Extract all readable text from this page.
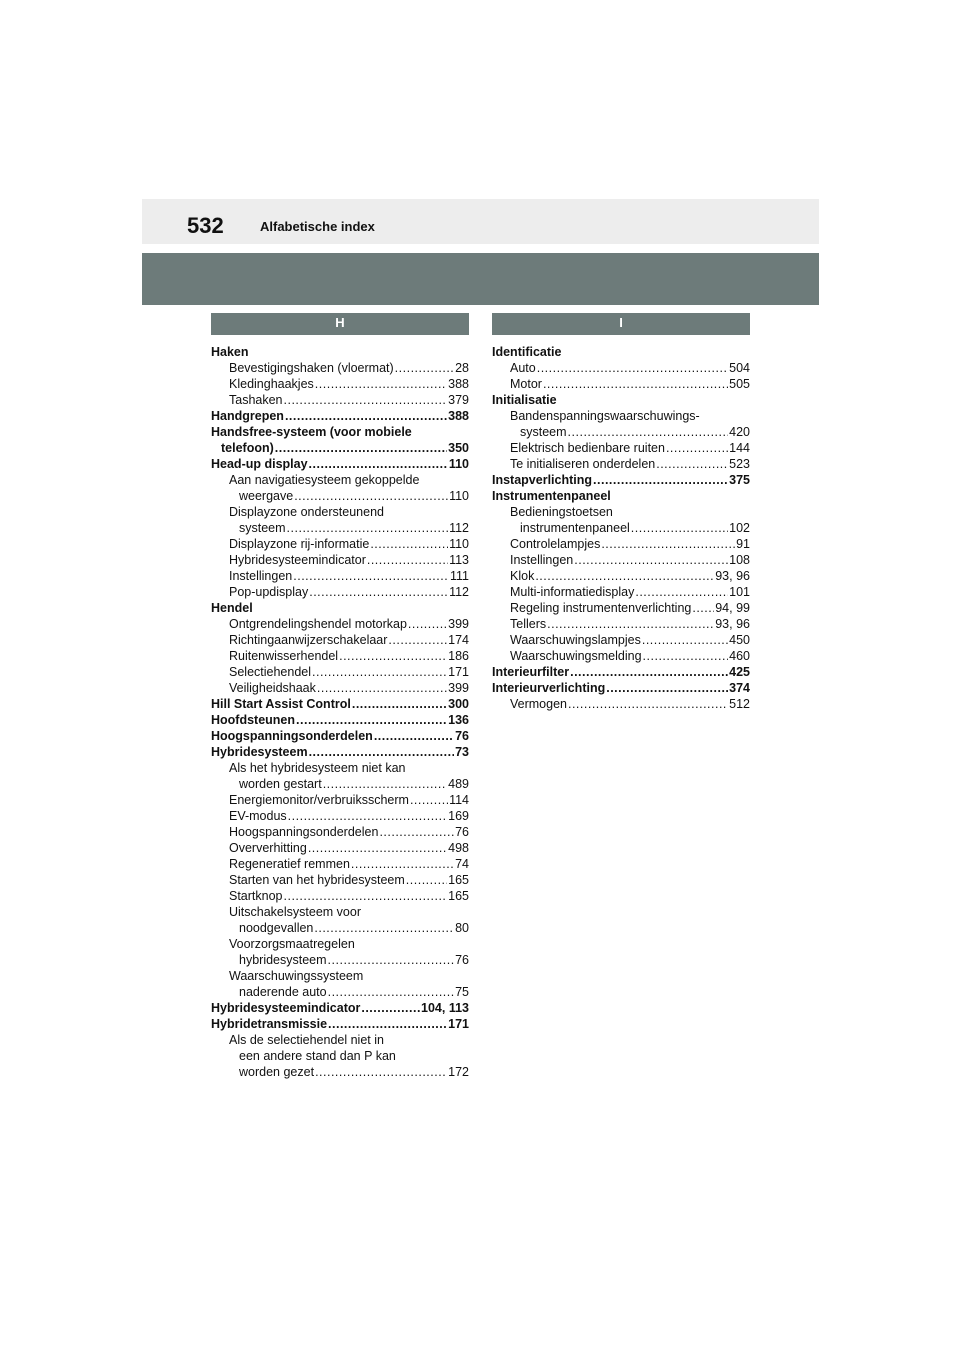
532	Alfabetische index
H
Haken
Bevestigingshaken (vloermat) .....	28
Kledinghaakjes .....	388
Tashaken .....	379
Handgrepen .....	388
Handsfree-systeem (voor mobiele
telefoon) .....	350
Head-up display .....	110
Aan navigatiesysteem gekoppelde
weergave .....	110
Displayzone ondersteunend
systeem .....	112
Displayzone rij-informatie .....	110
Hybridesysteemindicator .....	113
Instellingen .....	111
Pop-updisplay .....	112
Hendel
Ontgrendelingshendel motorkap .....	399
Richtingaanwijzerschakelaar .....	174
Ruitenwisserhendel .....	186
Selectiehendel .....	171
Veiligheidshaak .....	399
Hill Start Assist Control .....	300
Hoofdsteunen .....	136
Hoogspanningsonderdelen .....	76
Hybridesysteem .....	73
Als het hybridesysteem niet kan
worden gestart .....	489
Energiemonitor/verbruiksscherm .....	114
EV-modus .....	169
Hoogspanningsonderdelen .....	76
Oververhitting .....	498
Regeneratief remmen .....	74
Starten van het hybridesysteem .....	165
Startknop .....	165
Uitschakelsysteem voor
noodgevallen .....	80
Voorzorgsmaatregelen
hybridesysteem .....	76
Waarschuwingssysteem
naderende auto .....	75
Hybridesysteemindicator .....	104, 113
Hybridetransmissie .....	171
Als de selectiehendel niet in
een andere stand dan P kan
worden gezet .....	172
I
Identificatie
Auto .....	504
Motor .....	505
Initialisatie
Bandenspanningswaarschuwings-
systeem .....	420
Elektrisch bedienbare ruiten .....	144
Te initialiseren onderdelen .....	523
Instapverlichting .....	375
Instrumentenpaneel
Bedieningstoetsen
instrumentenpaneel .....	102
Controlelampjes .....	91
Instellingen .....	108
Klok .....	93, 96
Multi-informatiedisplay .....	101
Regeling instrumentenverlichting ..... 94, 99
Tellers .....	93, 96
Waarschuwingslampjes .....	450
Waarschuwingsmelding .....	460
Interieurfilter .....	425
Interieurverlichting .....	374
Vermogen .....	512
